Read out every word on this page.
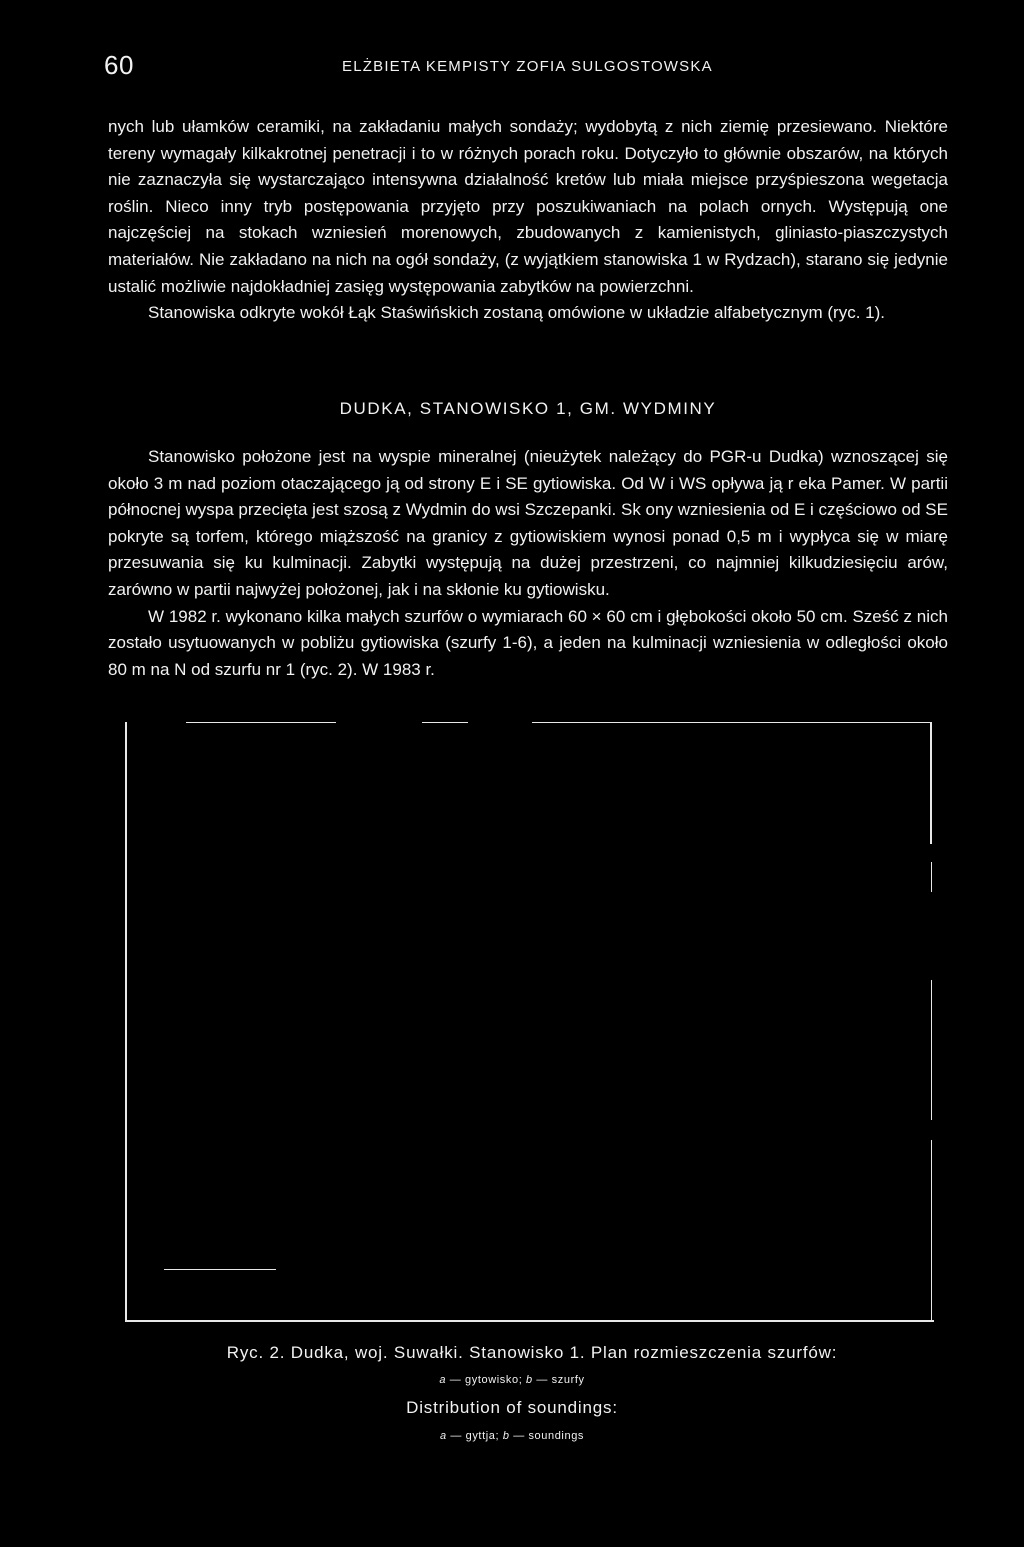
60	ELŻBIETA KEMPISTY ZOFIA SULGOSTOWSKA

nych lub ułamków ceramiki, na zakładaniu małych sondaży; wydobytą z nich ziemię przesiewano. Niektóre tereny wymagały kilkakrotnej penetracji i to w różnych porach roku. Dotyczyło to głównie obszarów, na których nie zaznaczyła się wystarczająco intensywna działalność kretów lub miała miejsce przyśpieszona wegetacja roślin. Nieco inny tryb postępowania przyjęto przy poszukiwaniach na polach ornych. Występują one najczęściej na stokach wzniesień morenowych, zbudowanych z kamienistych, gliniasto-piaszczystych materiałów. Nie zakładano na nich na ogół sondaży, (z wyjątkiem stanowiska 1 w Rydzach), starano się jedynie ustalić możliwie najdokładniej zasięg występowania zabytków na powierzchni.

Stanowiska odkryte wokół Łąk Staświńskich zostaną omówione w układzie alfabetycznym (ryc. 1).

DUDKA, STANOWISKO 1, GM. WYDMINY

Stanowisko położone jest na wyspie mineralnej (nieużytek należący do PGR-u Dudka) wznoszącej się około 3 m nad poziom otaczającego ją od strony E i SE gytiowiska. Od W i WS opływa ją r eka Pamer. W partii północnej wyspa przecięta jest szosą z Wydmin do wsi Szczepanki. Sk ony wzniesienia od E i częściowo od SE pokryte są torfem, którego miąższość na granicy z gytiowiskiem wynosi ponad 0,5 m i wypłyca się w miarę przesuwania się ku kulminacji. Zabytki występują na dużej przestrzeni, co najmniej kilkudziesięciu arów, zarówno w partii najwyżej położonej, jak i na skłonie ku gytiowisku.

W 1982 r. wykonano kilka małych szurfów o wymiarach 60 × 60 cm i głębokości około 50 cm. Sześć z nich zostało usytuowanych w pobliżu gytiowiska (szurfy 1-6), a jeden na kulminacji wzniesienia w odległości około 80 m na N od szurfu nr 1 (ryc. 2). W 1983 r.

Ryc. 2. Dudka, woj. Suwałki. Stanowisko 1. Plan rozmieszczenia szurfów:
a — gytowisko; b — szurfy
Distribution of soundings:
a — gyttja; b — soundings
